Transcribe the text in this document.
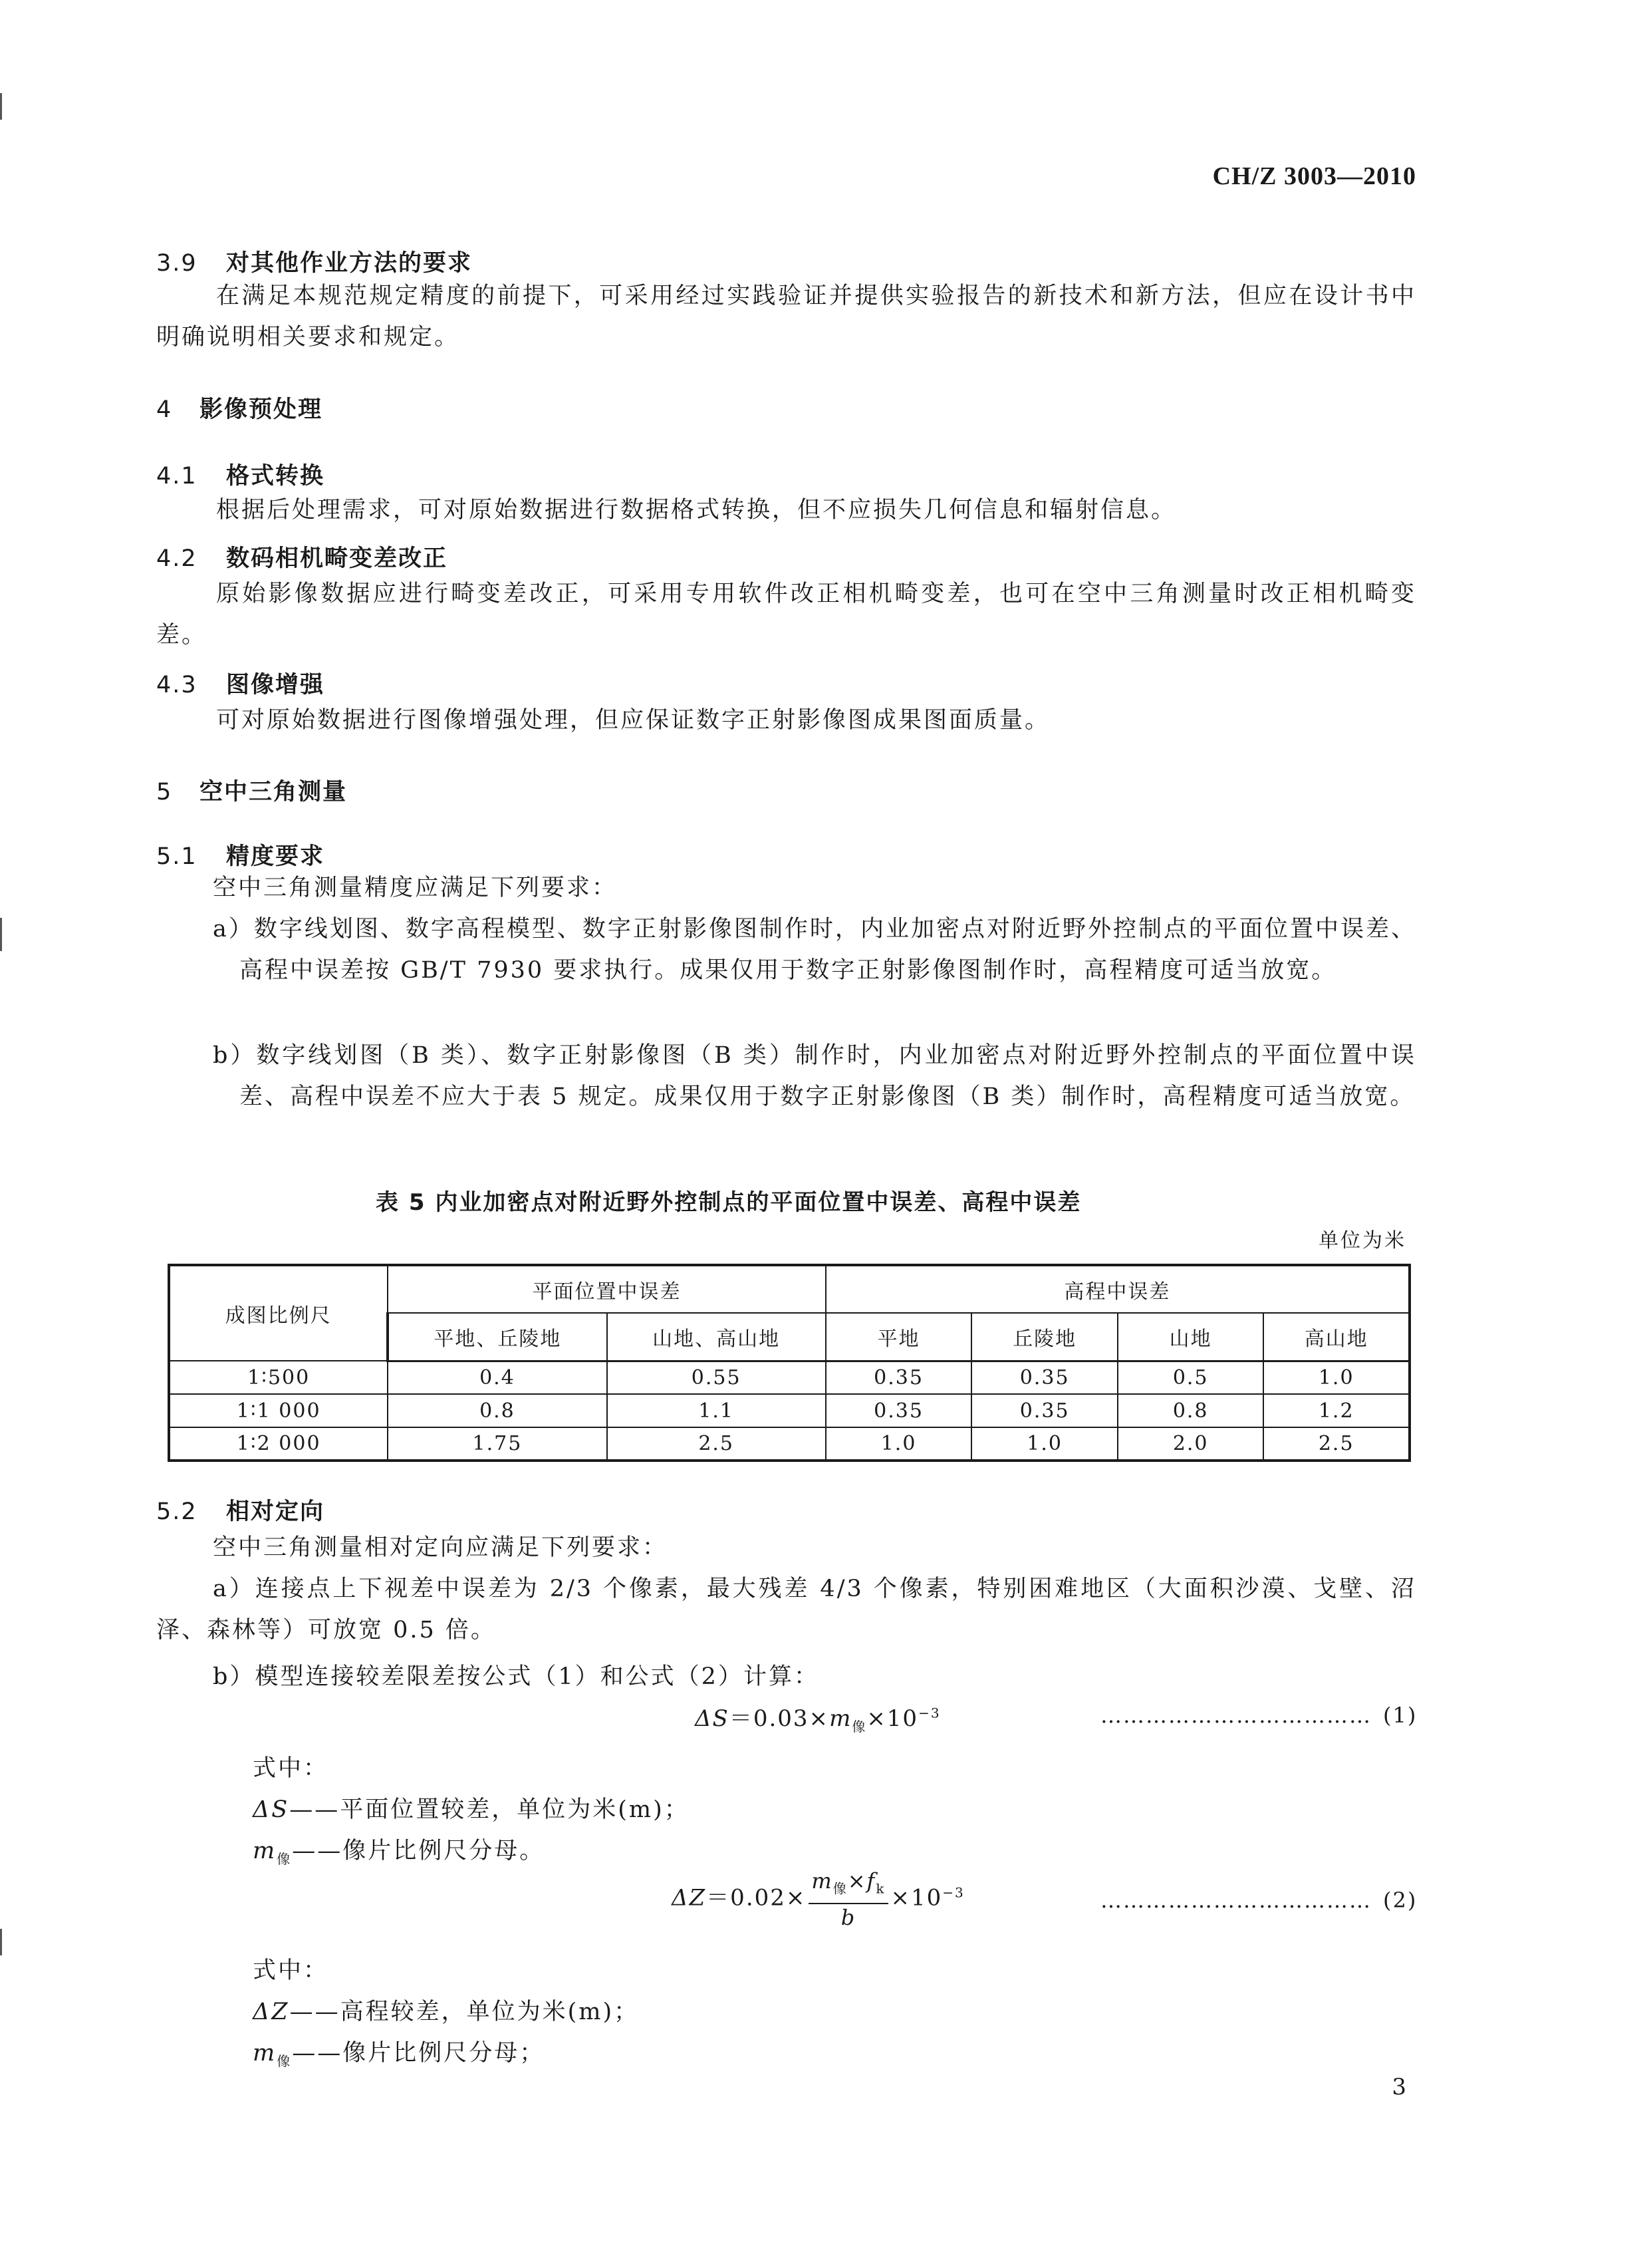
CH/Z 3003—2010
3.9 对其他作业方法的要求
在满足本规范规定精度的前提下，可采用经过实践验证并提供实验报告的新技术和新方法，但应在设计书中明确说明相关要求和规定。
4 影像预处理
4.1 格式转换
根据后处理需求，可对原始数据进行数据格式转换，但不应损失几何信息和辐射信息。
4.2 数码相机畸变差改正
原始影像数据应进行畸变差改正，可采用专用软件改正相机畸变差，也可在空中三角测量时改正相机畸变差。
4.3 图像增强
可对原始数据进行图像增强处理，但应保证数字正射影像图成果图面质量。
5 空中三角测量
5.1 精度要求
空中三角测量精度应满足下列要求：
a）数字线划图、数字高程模型、数字正射影像图制作时，内业加密点对附近野外控制点的平面位置中误差、高程中误差按 GB/T 7930 要求执行。成果仅用于数字正射影像图制作时，高程精度可适当放宽。
b）数字线划图（B 类）、数字正射影像图（B 类）制作时，内业加密点对附近野外控制点的平面位置中误差、高程中误差不应大于表 5 规定。成果仅用于数字正射影像图（B 类）制作时，高程精度可适当放宽。
表 5 内业加密点对附近野外控制点的平面位置中误差、高程中误差
单位为米
成图比例尺	平面位置中误差		高程中误差			
	平地、丘陵地	山地、高山地	平地	丘陵地	山地	高山地
1∶500	0.4	0.55	0.35	0.35	0.5	1.0
1∶1 000	0.8	1.1	0.35	0.35	0.8	1.2
1∶2 000	1.75	2.5	1.0	1.0	2.0	2.5
5.2 相对定向
空中三角测量相对定向应满足下列要求：
a）连接点上下视差中误差为 2/3 个像素，最大残差 4/3 个像素，特别困难地区（大面积沙漠、戈壁、沼泽、森林等）可放宽 0.5 倍。
b）模型连接较差限差按公式（1）和公式（2）计算：
$\Delta S=0.03\times m_像\times 10^{-3}$	……………………………… (1)
式中：
ΔS——平面位置较差，单位为米(m)；
$m_像——$像片比例尺分母。
$\Delta Z=0.02\times \frac{m_像\times f_k}{b} \times 10^{-3}$	……………………………… (2)
式中：
ΔZ——高程较差，单位为米(m)；
$m_像——$像片比例尺分母；
3
